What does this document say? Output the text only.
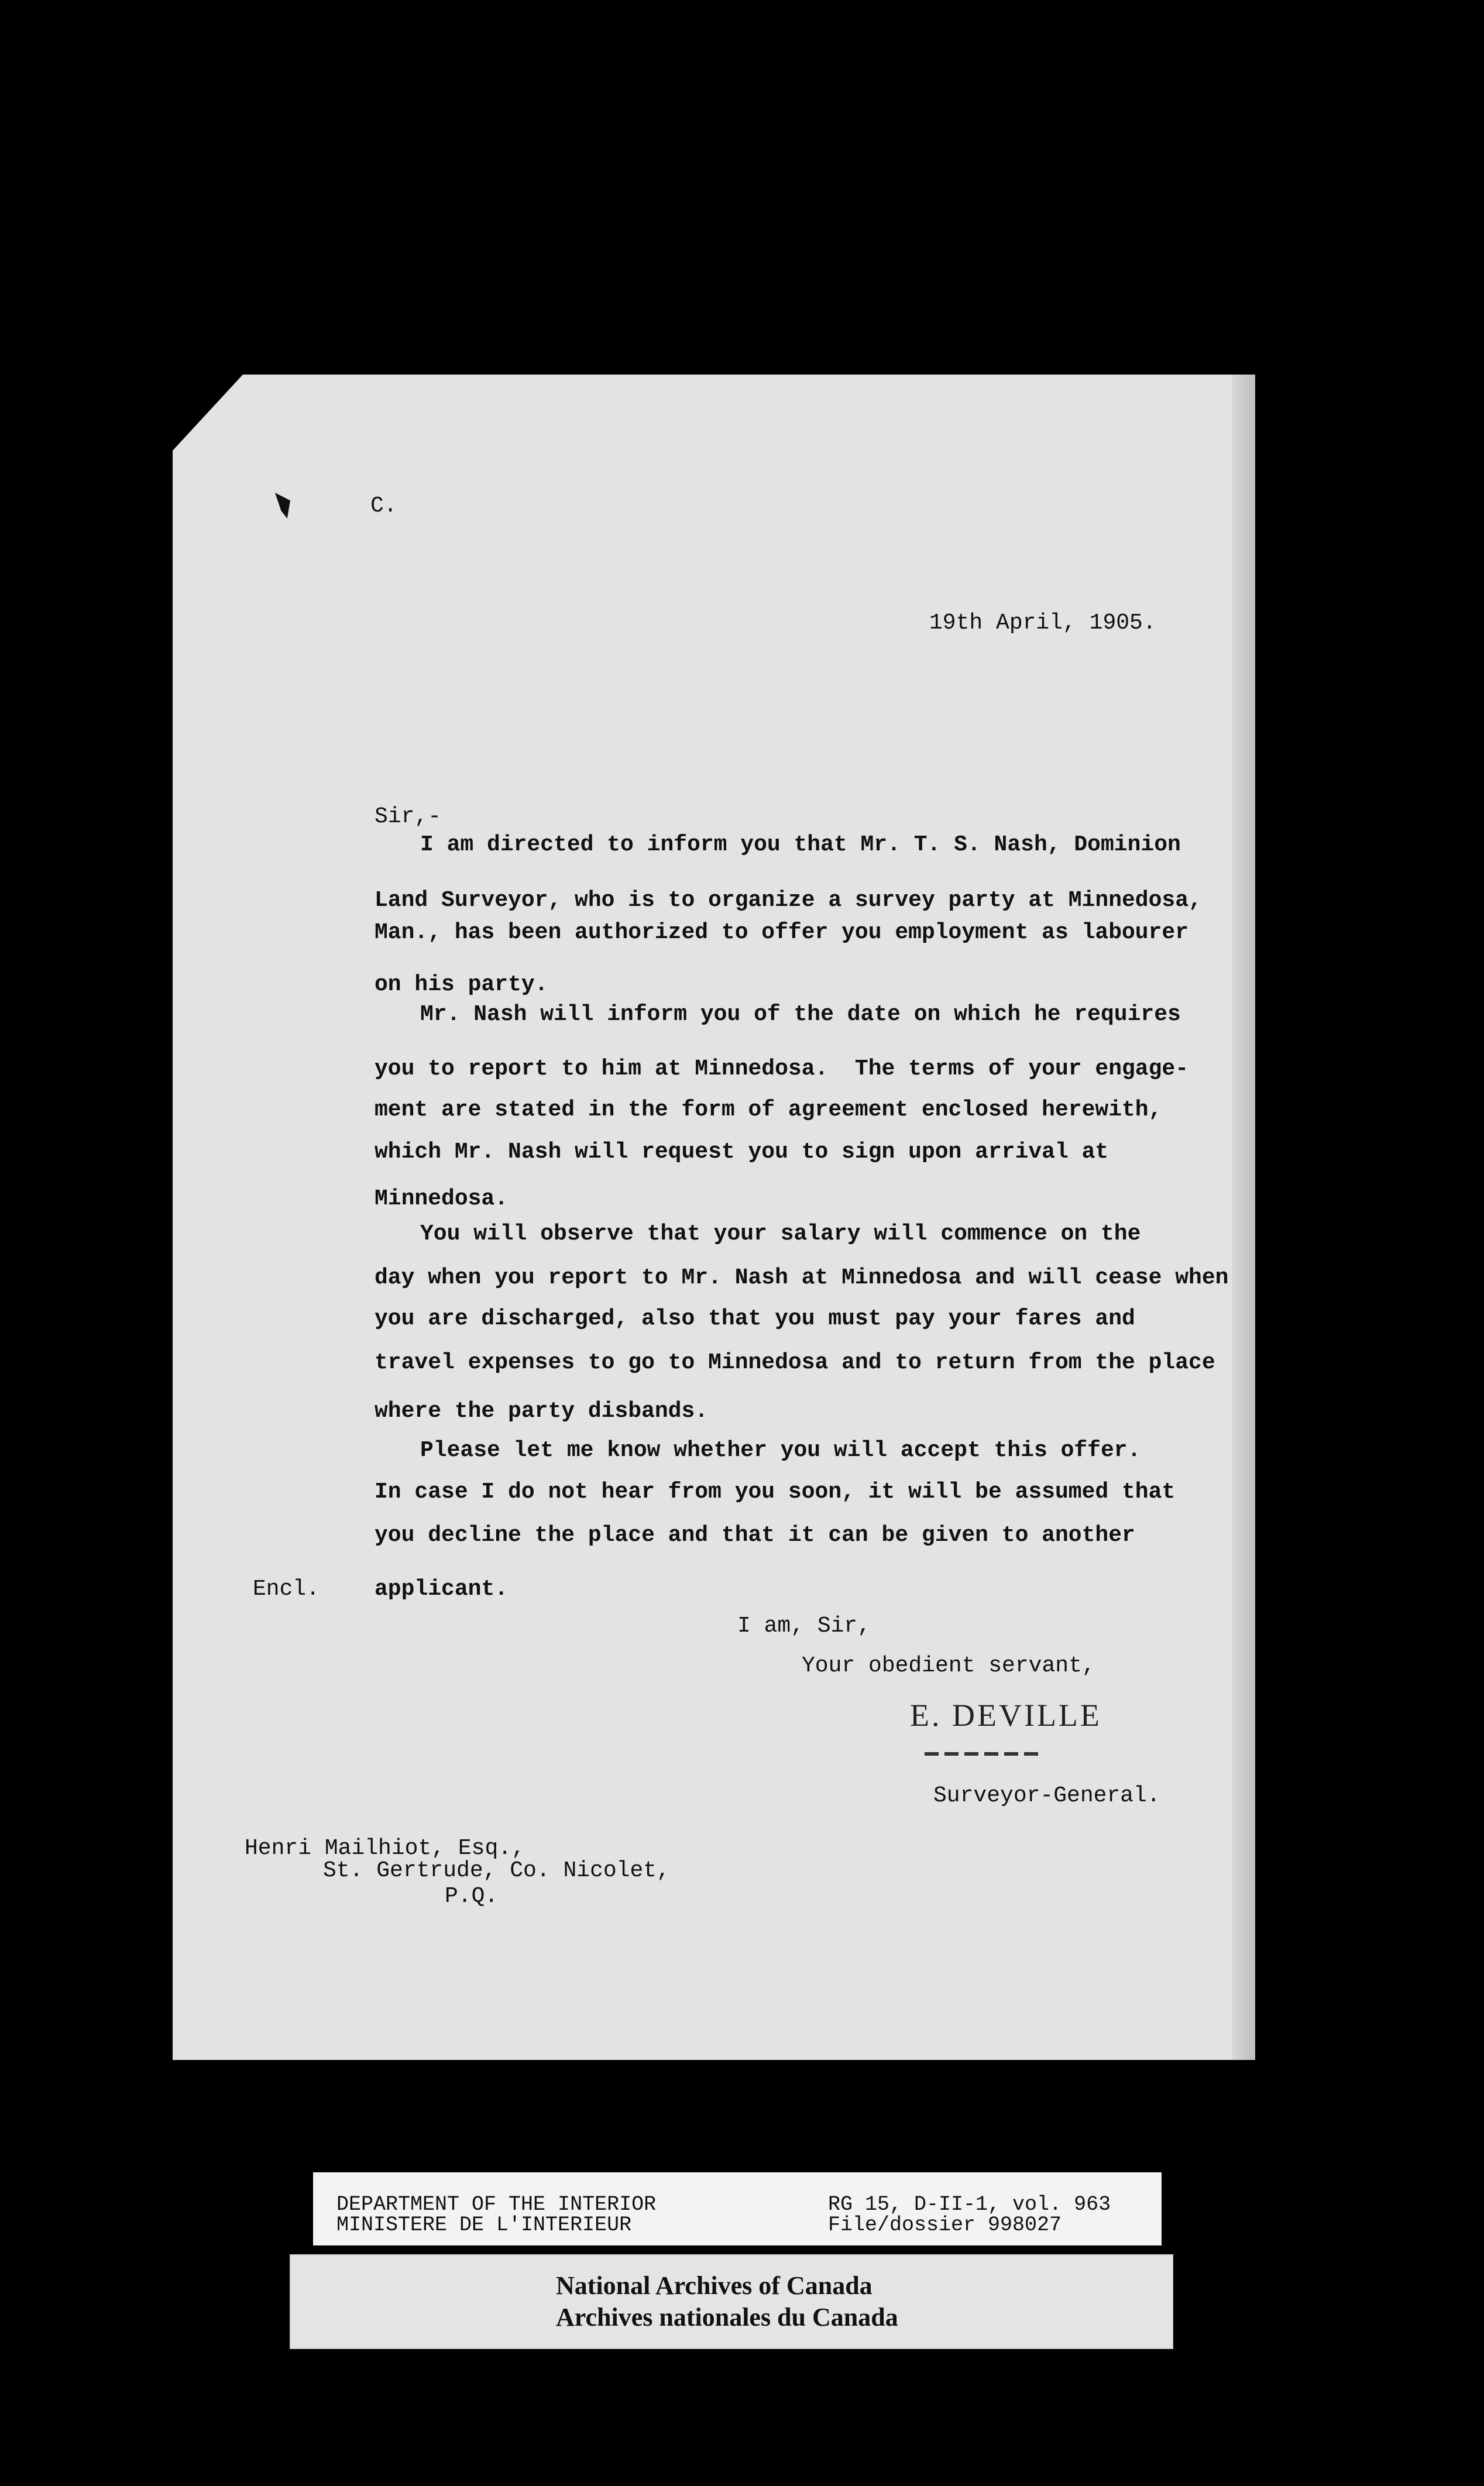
C.
19th April, 1905.
Sir,-
I am directed to inform you that Mr. T. S. Nash, Dominion
Land Surveyor, who is to organize a survey party at Minnedosa,
Man., has been authorized to offer you employment as labourer
on his party.
Mr. Nash will inform you of the date on which he requires
you to report to him at Minnedosa.  The terms of your engage-
ment are stated in the form of agreement enclosed herewith,
which Mr. Nash will request you to sign upon arrival at
Minnedosa.
You will observe that your salary will commence on the
day when you report to Mr. Nash at Minnedosa and will cease when
you are discharged, also that you must pay your fares and
travel expenses to go to Minnedosa and to return from the place
where the party disbands.
Please let me know whether you will accept this offer.
In case I do not hear from you soon, it will be assumed that
you decline the place and that it can be given to another
applicant.
Encl.
I am, Sir,
Your obedient servant,
E. DEVILLE
Surveyor-General.
Henri Mailhiot, Esq.,
St. Gertrude, Co. Nicolet,
P.Q.
DEPARTMENT OF THE INTERIOR
MINISTERE DE L'INTERIEUR
RG 15, D-II-1, vol. 963
File/dossier 998027
National Archives of Canada
Archives nationales du Canada
